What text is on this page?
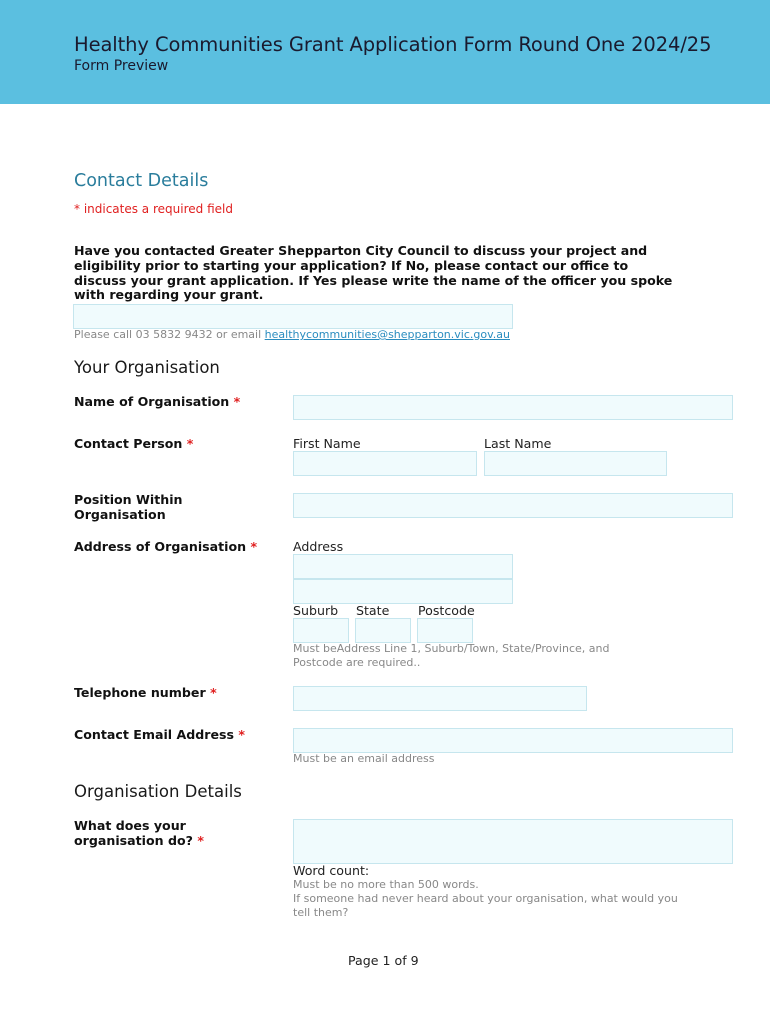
Healthy Communities Grant Application Form Round One 2024/25
Form Preview
Contact Details
* indicates a required field
Have you contacted Greater Shepparton City Council to discuss your project and eligibility prior to starting your application? If No, please contact our office to discuss your grant application. If Yes please write the name of the officer you spoke with regarding your grant.
Please call 03 5832 9432 or email healthycommunities@shepparton.vic.gov.au
Your Organisation
Name of Organisation *
Contact Person *	First Name	Last Name
Position Within Organisation
Address of Organisation *	Address
Suburb State Postcode
Must beAddress Line 1, Suburb/Town, State/Province, and Postcode are required..
Telephone number *
Contact Email Address *
Must be an email address
Organisation Details
What does your organisation do? *
Word count:
Must be no more than 500 words.
If someone had never heard about your organisation, what would you tell them?
Page 1 of 9
